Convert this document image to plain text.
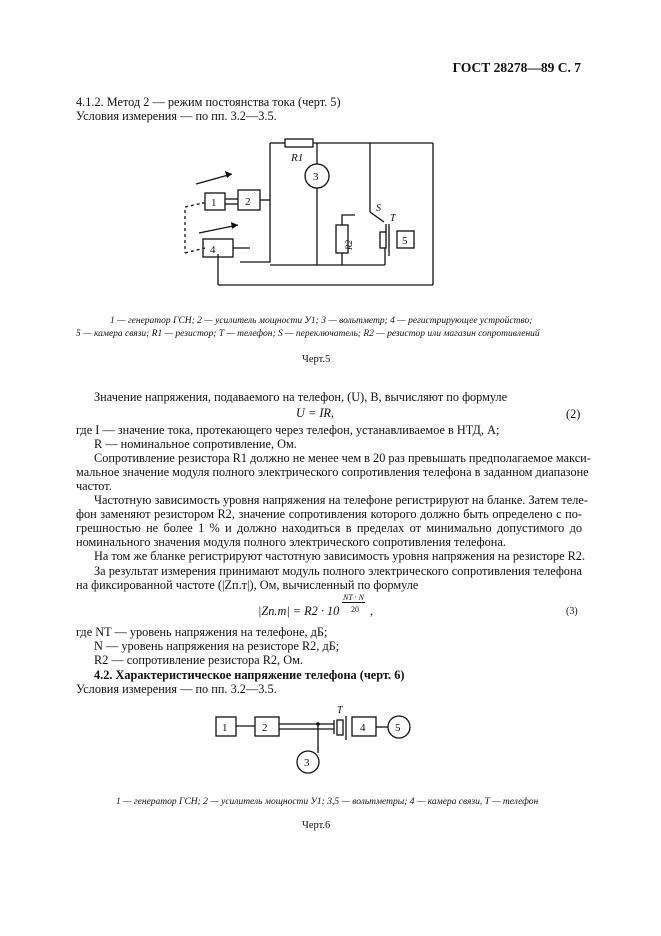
ГОСТ 28278—89 С. 7
4.1.2. Метод 2 — режим постоянства тока (черт. 5)
Условия измерения — по пп. 3.2—3.5.
1	2
3
4
5
R1
R2
S
T
1 — генератор ГСН; 2 — усилитель мощности У1; 3 — вольтметр; 4 — регистрирующее устройство;
5 — камера связи; R1 — резистор; T — телефон; S — переключатель; R2 — резистор или магазин сопротивлений
Черт.5
Значение напряжения, подаваемого на телефон, (U), В, вычисляют по формуле
U = IR,	(2)
где I — значение тока, протекающего через телефон, устанавливаемое в НТД, А;
R — номинальное сопротивление, Ом.
Сопротивление резистора R1 должно не менее чем в 20 раз превышать предполагаемое макси-
мальное значение модуля полного электрического сопротивления телефона в заданном диапазоне
частот.
Частотную зависимость уровня напряжения на телефоне регистрируют на бланке. Затем теле-
фон заменяют резистором R2, значение сопротивления которого должно быть определено с по-
грешностью не более 1 % и должно находиться в пределах от минимально допустимого до
номинального значения модуля полного электрического сопротивления телефона.
На том же бланке регистрируют частотную зависимость уровня напряжения на резисторе R2.
За результат измерения принимают модуль полного электрического сопротивления телефона
на фиксированной частоте (|Zп.т|), Ом, вычисленный по формуле
|Zп.т| = R2 · 10
NT · N
20 ,	(3)
где NT — уровень напряжения на телефоне, дБ;
N — уровень напряжения на резисторе R2, дБ;
R2 — сопротивление резистора R2, Ом.
4.2. Характеристическое напряжение телефона (черт. 6)
Условия измерения — по пп. 3.2—3.5.
1	2
3
4	5
T
1 — генератор ГСН; 2 — усилитель мощности У1; 3,5 — вольтметры; 4 — камера связи, T — телефон
Черт.6
